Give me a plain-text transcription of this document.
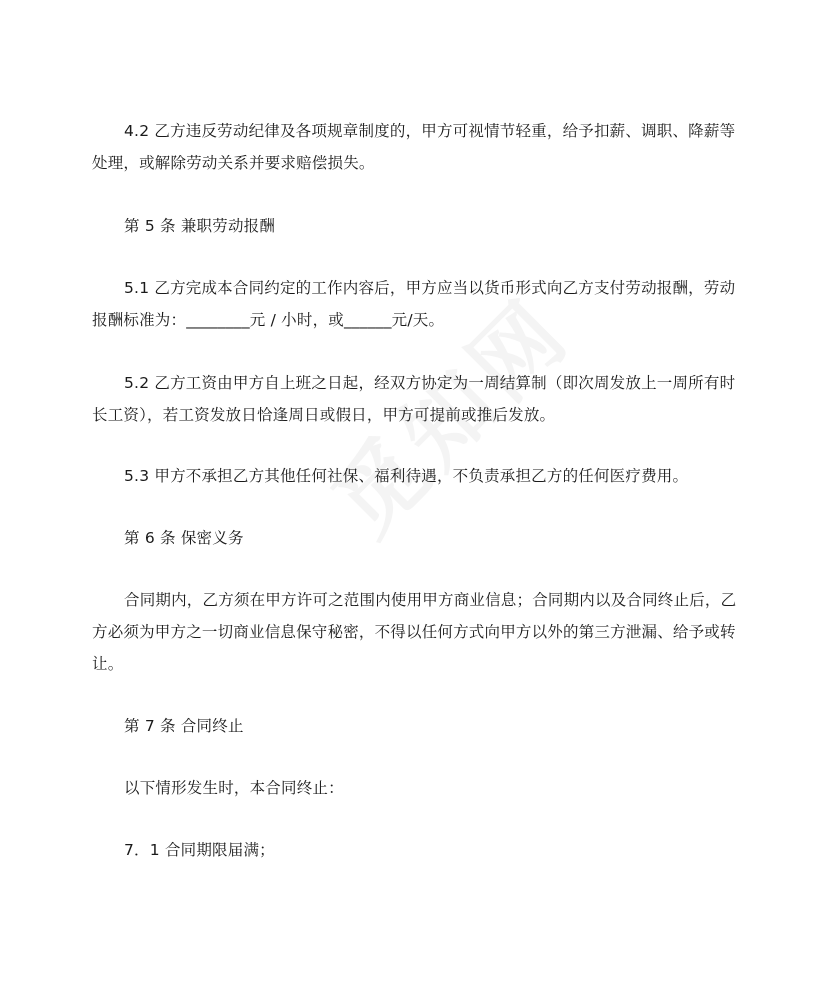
4.2 乙方违反劳动纪律及各项规章制度的，甲方可视情节轻重，给予扣薪、调职、降薪等处理，或解除劳动关系并要求赔偿损失。

第 5 条 兼职劳动报酬

5.1 乙方完成本合同约定的工作内容后，甲方应当以货币形式向乙方支付劳动报酬，劳动报酬标准为：________元 / 小时，或______元/天。

5.2 乙方工资由甲方自上班之日起，经双方协定为一周结算制（即次周发放上一周所有时长工资），若工资发放日恰逢周日或假日，甲方可提前或推后发放。

5.3 甲方不承担乙方其他任何社保、福利待遇，不负责承担乙方的任何医疗费用。

第 6 条 保密义务

合同期内，乙方须在甲方许可之范围内使用甲方商业信息；合同期内以及合同终止后，乙方必须为甲方之一切商业信息保守秘密，不得以任何方式向甲方以外的第三方泄漏、给予或转让。

第 7 条 合同终止

以下情形发生时，本合同终止：

7．1 合同期限届满；
